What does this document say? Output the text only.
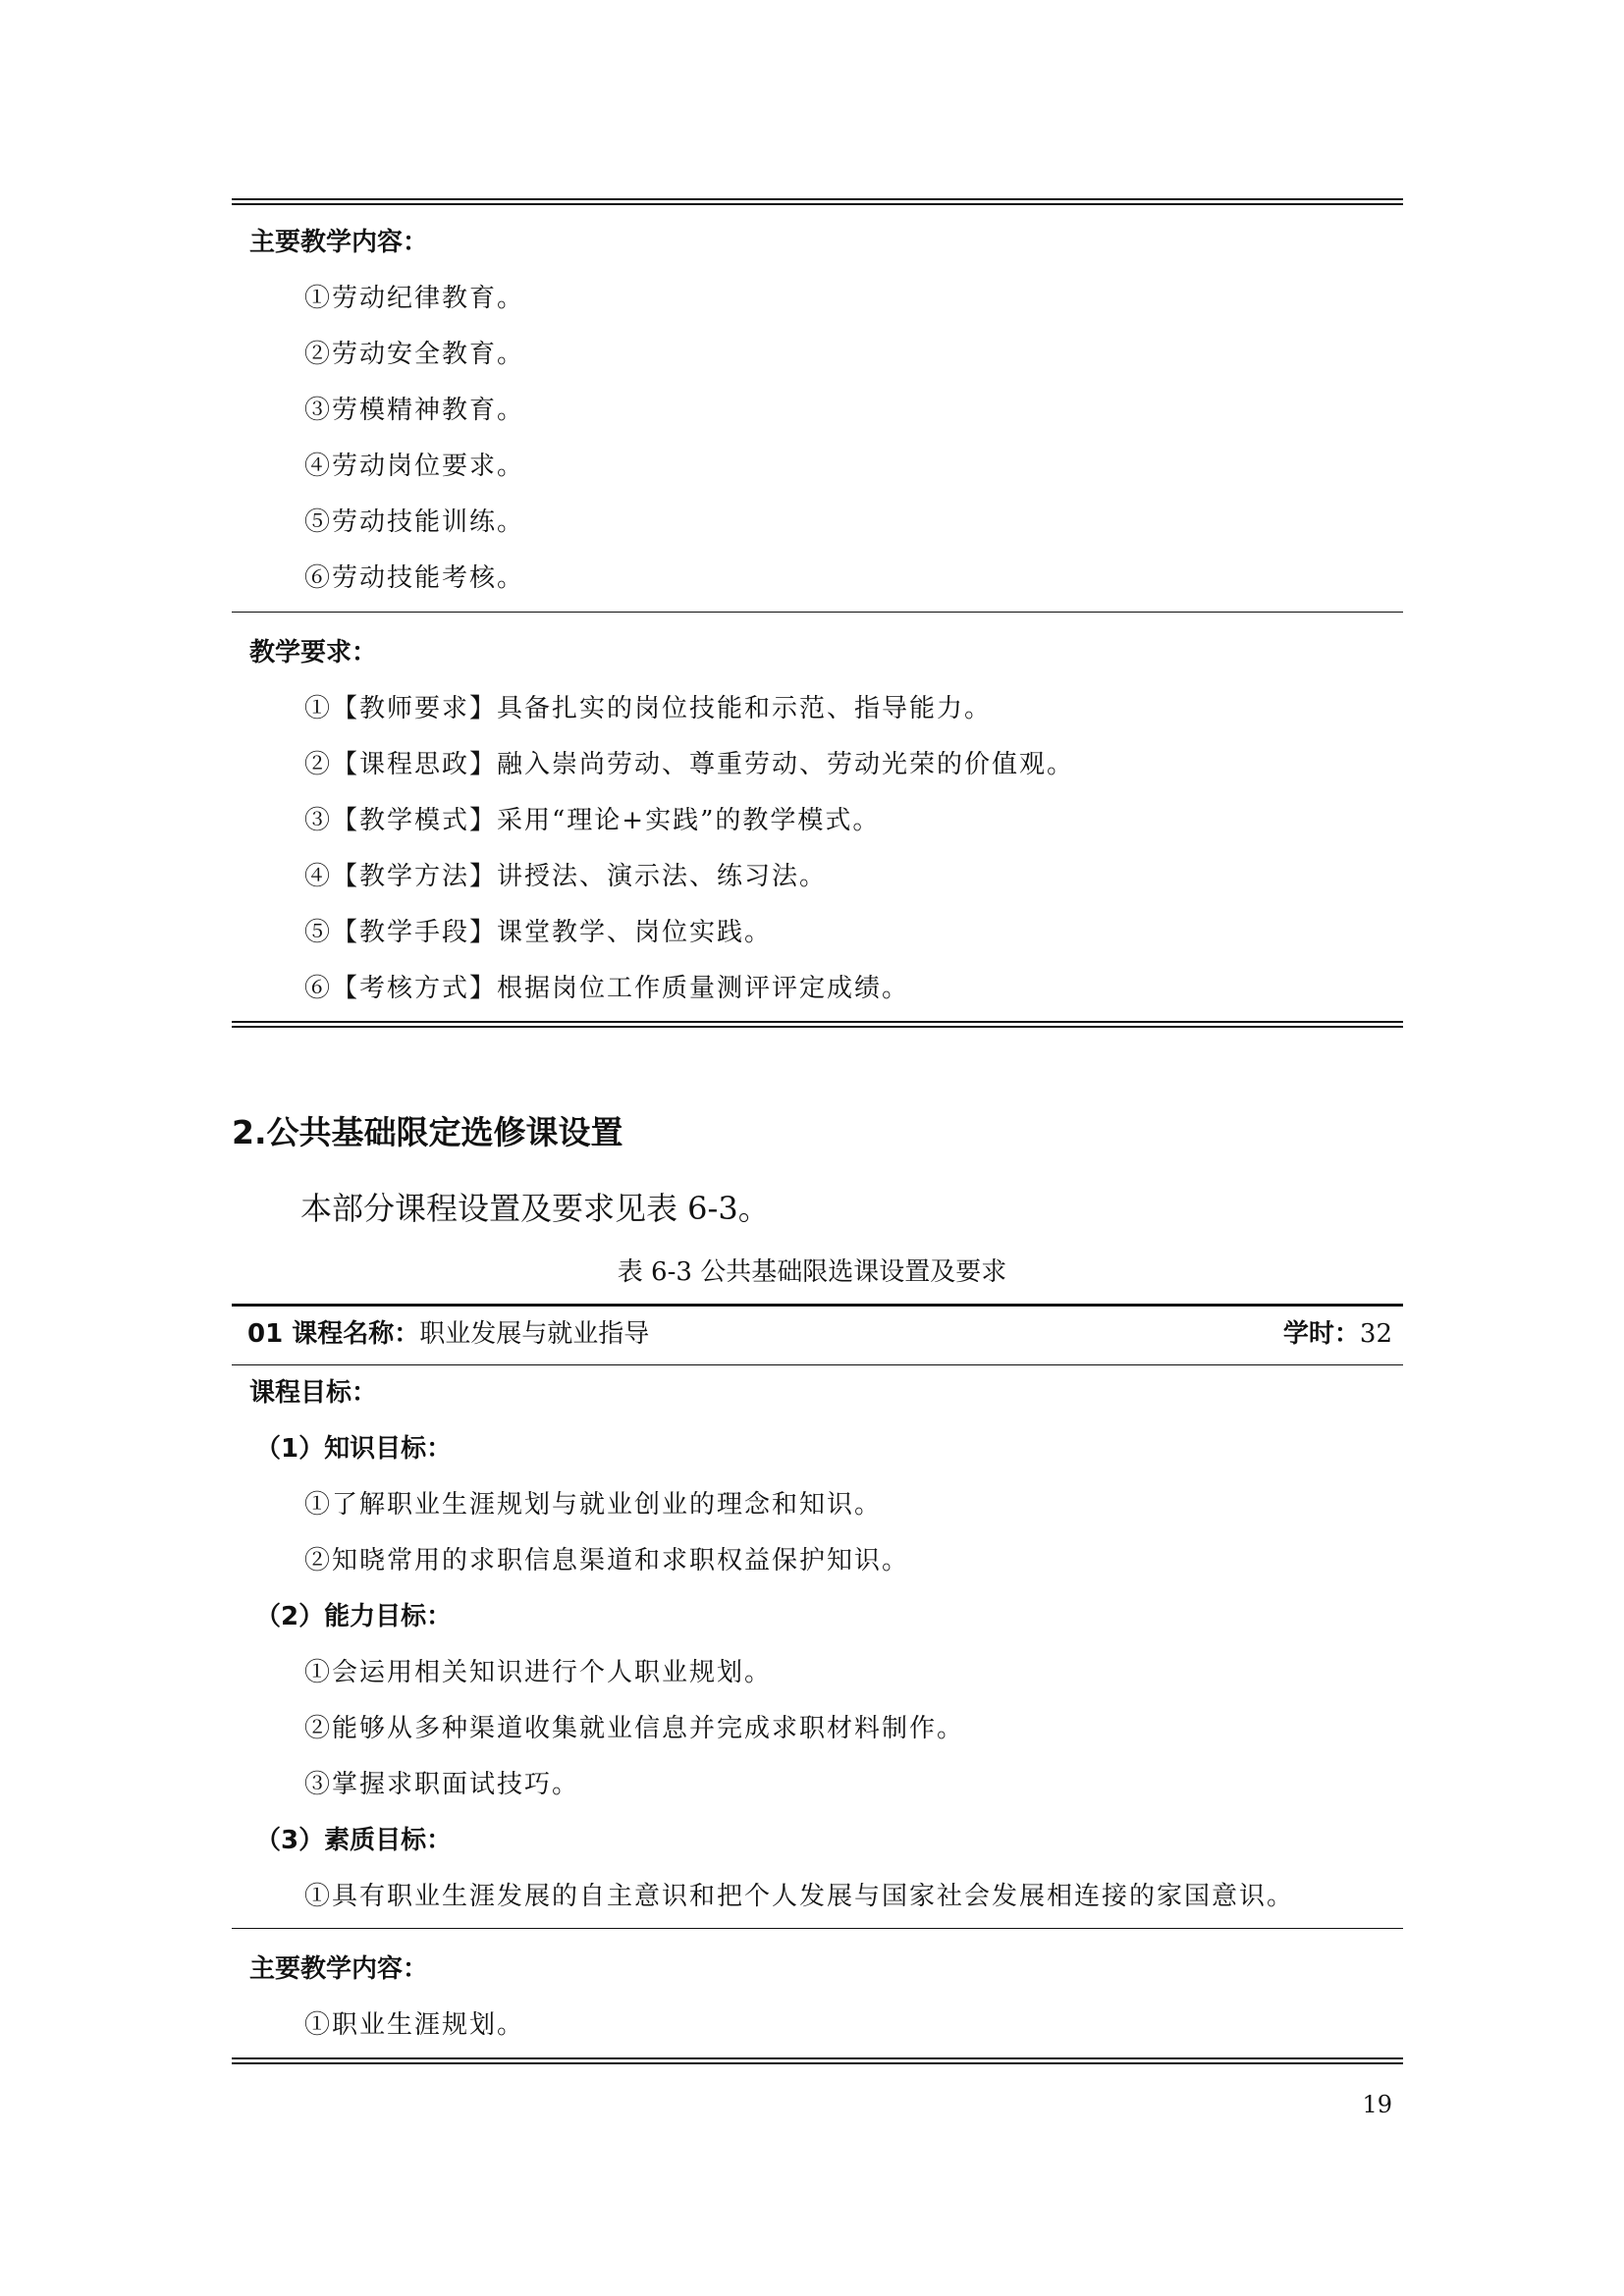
主要教学内容：
①劳动纪律教育。
②劳动安全教育。
③劳模精神教育。
④劳动岗位要求。
⑤劳动技能训练。
⑥劳动技能考核。
教学要求：
①【教师要求】具备扎实的岗位技能和示范、指导能力。
②【课程思政】融入崇尚劳动、尊重劳动、劳动光荣的价值观。
③【教学模式】采用“理论+实践”的教学模式。
④【教学方法】讲授法、演示法、练习法。
⑤【教学手段】课堂教学、岗位实践。
⑥【考核方式】根据岗位工作质量测评评定成绩。
2.公共基础限定选修课设置
本部分课程设置及要求见表 6-3。
表 6-3 公共基础限选课设置及要求
01 课程名称：职业发展与就业指导	学时：32
课程目标：
（1）知识目标：
①了解职业生涯规划与就业创业的理念和知识。
②知晓常用的求职信息渠道和求职权益保护知识。
（2）能力目标：
①会运用相关知识进行个人职业规划。
②能够从多种渠道收集就业信息并完成求职材料制作。
③掌握求职面试技巧。
（3）素质目标：
①具有职业生涯发展的自主意识和把个人发展与国家社会发展相连接的家国意识。
主要教学内容：
①职业生涯规划。
19
